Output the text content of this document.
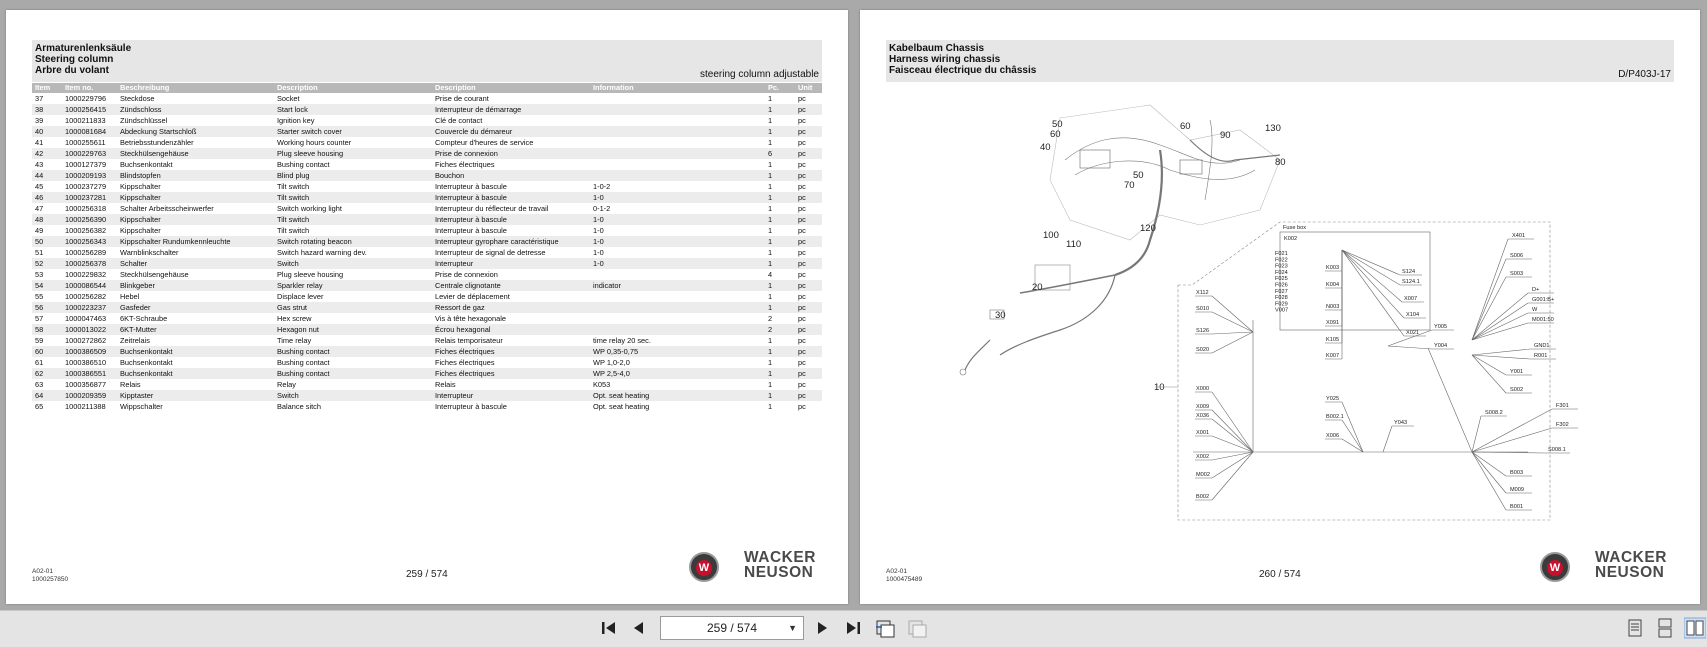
Armaturenlenksäule
Steering column
Arbre du volant	steering column adjustable
Item	Item no.	Beschreibung	Description	Description	Information	Pc.	Unit
37	1000229796	Steckdose	Socket	Prise de courant		1	pc
38	1000256415	Zündschloss	Start lock	Interrupteur de démarrage		1	pc
39	1000211833	Zündschlüssel	Ignition key	Clé de contact		1	pc
40	1000081684	Abdeckung Startschloß	Starter switch cover	Couvercle du démareur		1	pc
41	1000255611	Betriebsstundenzähler	Working hours counter	Compteur d'heures de service		1	pc
42	1000229763	Steckhülsengehäuse	Plug sleeve housing	Prise de connexion		6	pc
43	1000127379	Buchsenkontakt	Bushing contact	Fiches électriques		1	pc
44	1000209193	Blindstopfen	Blind plug	Bouchon		1	pc
45	1000237279	Kippschalter	Tilt switch	Interrupteur à bascule	1-0-2	1	pc
46	1000237281	Kippschalter	Tilt switch	Interrupteur à bascule	1-0	1	pc
47	1000256318	Schalter Arbeitsscheinwerfer	Switch working light	Interrupteur du réflecteur de travail	0-1-2	1	pc
48	1000256390	Kippschalter	Tilt switch	Interrupteur à bascule	1-0	1	pc
49	1000256382	Kippschalter	Tilt switch	Interrupteur à bascule	1-0	1	pc
50	1000256343	Kippschalter Rundumkennleuchte	Switch rotating beacon	Interrupteur gyrophare caractéristique	1-0	1	pc
51	1000256289	Warnblinkschalter	Switch hazard warning dev.	Interrupteur de signal de detresse	1-0	1	pc
52	1000256378	Schalter	Switch	Interrupteur	1-0	1	pc
53	1000229832	Steckhülsengehäuse	Plug sleeve housing	Prise de connexion		4	pc
54	1000086544	Blinkgeber	Sparkler relay	Centrale clignotante	indicator	1	pc
55	1000256282	Hebel	Displace lever	Levier de déplacement		1	pc
56	1000223237	Gasfeder	Gas strut	Ressort de gaz		1	pc
57	1000047463	6KT-Schraube	Hex screw	Vis à tête hexagonale		2	pc
58	1000013022	6KT-Mutter	Hexagon nut	Écrou hexagonal		2	pc
59	1000272862	Zeitrelais	Time relay	Relais temporisateur	time relay 20 sec.	1	pc
60	1000386509	Buchsenkontakt	Bushing contact	Fiches électriques	WP 0,35-0,75	1	pc
61	1000386510	Buchsenkontakt	Bushing contact	Fiches électriques	WP 1,0-2,0	1	pc
62	1000386551	Buchsenkontakt	Bushing contact	Fiches électriques	WP 2,5-4,0	1	pc
63	1000356877	Relais	Relay	Relais	K053	1	pc
64	1000209359	Kipptaster	Switch	Interrupteur	Opt. seat heating	1	pc
65	1000211388	Wippschalter	Balance sitch	Interrupteur à bascule	Opt. seat heating	1	pc
A02-01
1000257850	259 / 574
W
WACKER
NEUSON
Kabelbaum Chassis
Harness wiring chassis
Faisceau électrique du châssis	D/P403J-17
50
60
40
60
90
130
80
50
70
120
100
110
20
30
10
Fuse box
K002
F021
F022
F023
F024
F025
F026
F027
F028
F029
V007
X112
S010
S126
S020
X000
X009
X036
X001
X002
M002
B002
K003
K004
N003
X091
K105
K007
Y025
B002.1
X006
S124
S124.1
X007
X104
X021
Y005
Y004
Y043
X401
S006
S003
D+
G001:B+
W
M001:50
GND1
R001
Y001
S002
S008.2
F301
F302
S008.1
B003
M009
B001
A02-01
1000475489	260 / 574
W
WACKER
NEUSON
259 / 574	▼
